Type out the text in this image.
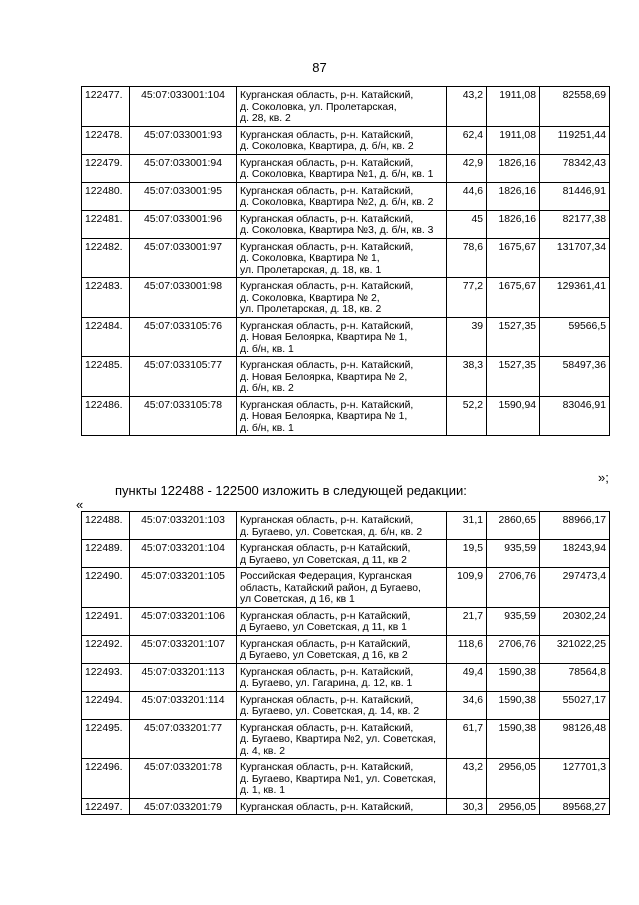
87
122477.	45:07:033001:104	Курганская область, р-н. Катайский,
д. Соколовка, ул. Пролетарская,
д. 28, кв. 2	43,2	1911,08	82558,69
122478.	45:07:033001:93	Курганская область, р-н. Катайский,
д. Соколовка, Квартира, д. б/н, кв. 2	62,4	1911,08	119251,44
122479.	45:07:033001:94	Курганская область, р-н. Катайский,
д. Соколовка, Квартира №1, д. б/н, кв. 1	42,9	1826,16	78342,43
122480.	45:07:033001:95	Курганская область, р-н. Катайский,
д. Соколовка, Квартира №2, д. б/н, кв. 2	44,6	1826,16	81446,91
122481.	45:07:033001:96	Курганская область, р-н. Катайский,
д. Соколовка, Квартира №3, д. б/н, кв. 3	45	1826,16	82177,38
122482.	45:07:033001:97	Курганская область, р-н. Катайский,
д. Соколовка, Квартира № 1,
ул. Пролетарская, д. 18, кв. 1	78,6	1675,67	131707,34
122483.	45:07:033001:98	Курганская область, р-н. Катайский,
д. Соколовка, Квартира № 2,
ул. Пролетарская, д. 18, кв. 2	77,2	1675,67	129361,41
122484.	45:07:033105:76	Курганская область, р-н. Катайский,
д. Новая Белоярка, Квартира № 1,
д. б/н, кв. 1	39	1527,35	59566,5
122485.	45:07:033105:77	Курганская область, р-н. Катайский,
д. Новая Белоярка, Квартира № 2,
д. б/н, кв. 2	38,3	1527,35	58497,36
122486.	45:07:033105:78	Курганская область, р-н. Катайский,
д. Новая Белоярка, Квартира № 1,
д. б/н, кв. 1	52,2	1590,94	83046,91
»;
пункты 122488 - 122500 изложить в следующей редакции:
«
122488.	45:07:033201:103	Курганская область, р-н. Катайский,
д. Бугаево, ул. Советская, д. б/н, кв. 2	31,1	2860,65	88966,17
122489.	45:07:033201:104	Курганская область, р-н Катайский,
д Бугаево, ул Советская, д 11, кв 2	19,5	935,59	18243,94
122490.	45:07:033201:105	Российская Федерация, Курганская
область, Катайский район, д Бугаево,
ул Советская, д 16, кв 1	109,9	2706,76	297473,4
122491.	45:07:033201:106	Курганская область, р-н Катайский,
д Бугаево, ул Советская, д 11, кв 1	21,7	935,59	20302,24
122492.	45:07:033201:107	Курганская область, р-н Катайский,
д Бугаево, ул Советская, д 16, кв 2	118,6	2706,76	321022,25
122493.	45:07:033201:113	Курганская область, р-н. Катайский,
д. Бугаево, ул. Гагарина, д. 12, кв. 1	49,4	1590,38	78564,8
122494.	45:07:033201:114	Курганская область, р-н. Катайский,
д. Бугаево, ул. Советская, д. 14, кв. 2	34,6	1590,38	55027,17
122495.	45:07:033201:77	Курганская область, р-н. Катайский,
д. Бугаево, Квартира №2, ул. Советская,
д. 4, кв. 2	61,7	1590,38	98126,48
122496.	45:07:033201:78	Курганская область, р-н. Катайский,
д. Бугаево, Квартира №1, ул. Советская,
д. 1, кв. 1	43,2	2956,05	127701,3
122497.	45:07:033201:79	Курганская область, р-н. Катайский,	30,3	2956,05	89568,27
